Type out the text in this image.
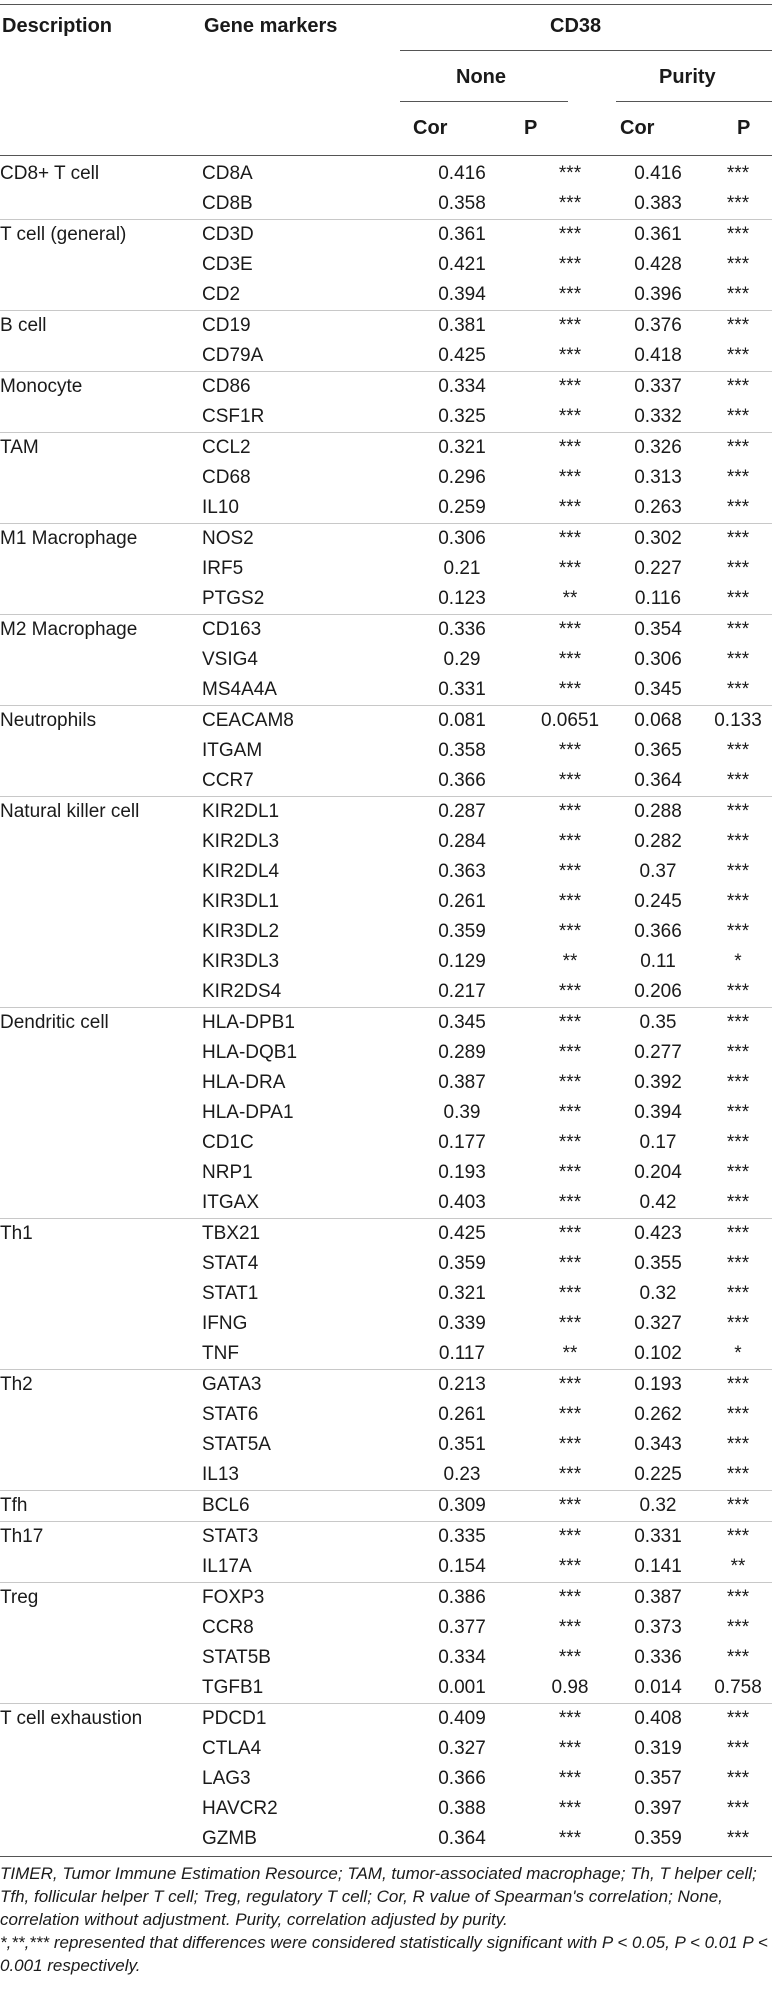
Description	Gene markers	CD38
None	Purity
Cor	P	Cor	P
CD8+ T cell	CD8A	0.416	***	0.416	***
	CD8B	0.358	***	0.383	***
T cell (general)	CD3D	0.361	***	0.361	***
	CD3E	0.421	***	0.428	***
	CD2	0.394	***	0.396	***
B cell	CD19	0.381	***	0.376	***
	CD79A	0.425	***	0.418	***
Monocyte	CD86	0.334	***	0.337	***
	CSF1R	0.325	***	0.332	***
TAM	CCL2	0.321	***	0.326	***
	CD68	0.296	***	0.313	***
	IL10	0.259	***	0.263	***
M1 Macrophage	NOS2	0.306	***	0.302	***
	IRF5	0.21	***	0.227	***
	PTGS2	0.123	**	0.116	***
M2 Macrophage	CD163	0.336	***	0.354	***
	VSIG4	0.29	***	0.306	***
	MS4A4A	0.331	***	0.345	***
Neutrophils	CEACAM8	0.081	0.0651	0.068	0.133
	ITGAM	0.358	***	0.365	***
	CCR7	0.366	***	0.364	***
Natural killer cell	KIR2DL1	0.287	***	0.288	***
	KIR2DL3	0.284	***	0.282	***
	KIR2DL4	0.363	***	0.37	***
	KIR3DL1	0.261	***	0.245	***
	KIR3DL2	0.359	***	0.366	***
	KIR3DL3	0.129	**	0.11	*
	KIR2DS4	0.217	***	0.206	***
Dendritic cell	HLA-DPB1	0.345	***	0.35	***
	HLA-DQB1	0.289	***	0.277	***
	HLA-DRA	0.387	***	0.392	***
	HLA-DPA1	0.39	***	0.394	***
	CD1C	0.177	***	0.17	***
	NRP1	0.193	***	0.204	***
	ITGAX	0.403	***	0.42	***
Th1	TBX21	0.425	***	0.423	***
	STAT4	0.359	***	0.355	***
	STAT1	0.321	***	0.32	***
	IFNG	0.339	***	0.327	***
	TNF	0.117	**	0.102	*
Th2	GATA3	0.213	***	0.193	***
	STAT6	0.261	***	0.262	***
	STAT5A	0.351	***	0.343	***
	IL13	0.23	***	0.225	***
Tfh	BCL6	0.309	***	0.32	***
Th17	STAT3	0.335	***	0.331	***
	IL17A	0.154	***	0.141	**
Treg	FOXP3	0.386	***	0.387	***
	CCR8	0.377	***	0.373	***
	STAT5B	0.334	***	0.336	***
	TGFB1	0.001	0.98	0.014	0.758
T cell exhaustion	PDCD1	0.409	***	0.408	***
	CTLA4	0.327	***	0.319	***
	LAG3	0.366	***	0.357	***
	HAVCR2	0.388	***	0.397	***
	GZMB	0.364	***	0.359	***

TIMER, Tumor Immune Estimation Resource; TAM, tumor-associated macrophage; Th, T helper cell; Tfh, follicular helper T cell; Treg, regulatory T cell; Cor, R value of Spearman's correlation; None, correlation without adjustment. Purity, correlation adjusted by purity.

*,**,*** represented that differences were considered statistically significant with P < 0.05, P < 0.01 P < 0.001 respectively.
